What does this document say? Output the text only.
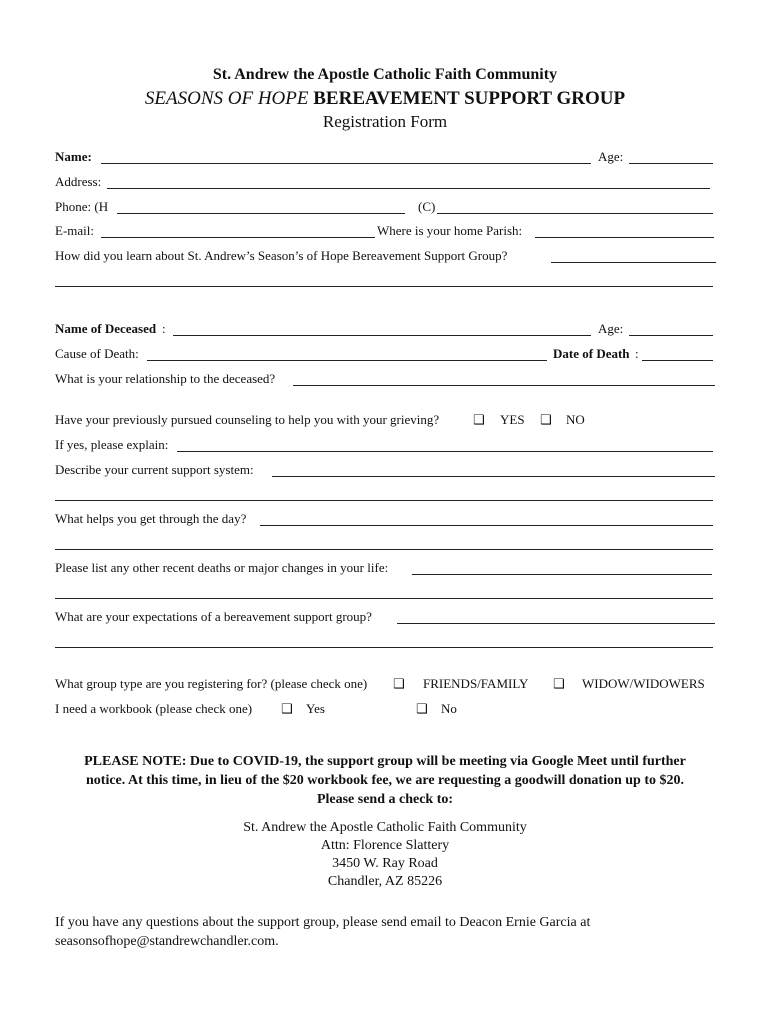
St. Andrew the Apostle Catholic Faith Community
SEASONS OF HOPE BEREAVEMENT SUPPORT GROUP
Registration Form
Name:	Age:
Address:
Phone: (H	(C)
E-mail:	Where is your home Parish:
How did you learn about St. Andrew’s Season’s of Hope Bereavement Support Group?
Name of Deceased :	Age:
Cause of Death:	Date of Death :
What is your relationship to the deceased?
Have your previously pursued counseling to help you with your grieving?	❑ YES ❑ NO
If yes, please explain:
Describe your current support system:
What helps you get through the day?
Please list any other recent deaths or major changes in your life:
What are your expectations of a bereavement support group?
What group type are you registering for? (please check one) ❑ FRIENDS/FAMILY ❑ WIDOW/WIDOWERS
I need a workbook (please check one) ❑ Yes	❑ No
PLEASE NOTE: Due to COVID-19, the support group will be meeting via Google Meet until further
notice. At this time, in lieu of the $20 workbook fee, we are requesting a goodwill donation up to $20.
Please send a check to:
St. Andrew the Apostle Catholic Faith Community
Attn: Florence Slattery
3450 W. Ray Road
Chandler, AZ 85226
If you have any questions about the support group, please send email to Deacon Ernie Garcia at
seasonsofhope@standrewchandler.com.
